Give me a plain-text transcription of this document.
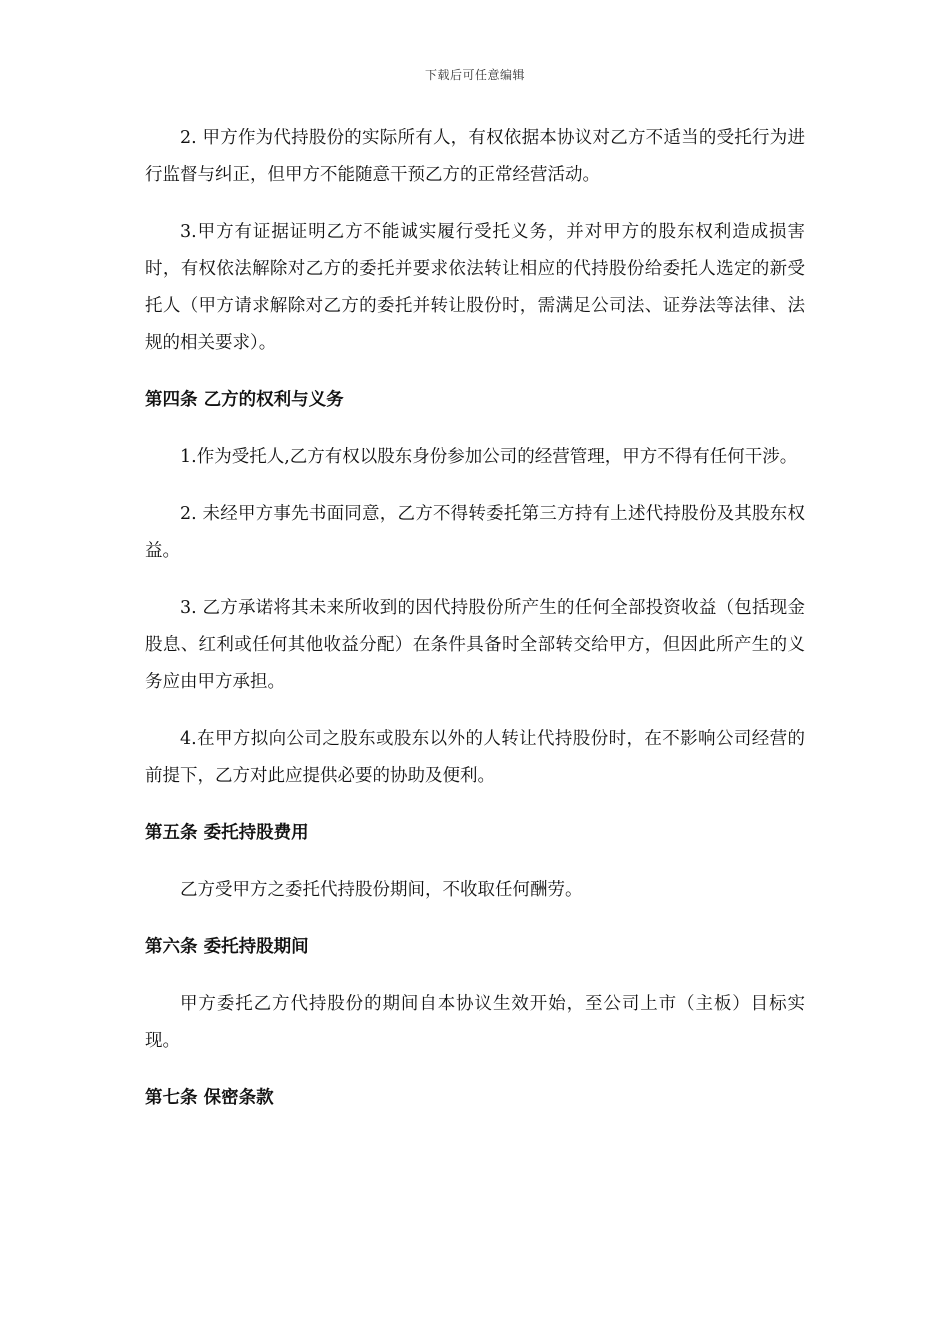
下载后可任意编辑

2. 甲方作为代持股份的实际所有人，有权依据本协议对乙方不适当的受托行为进行监督与纠正，但甲方不能随意干预乙方的正常经营活动。

3.甲方有证据证明乙方不能诚实履行受托义务，并对甲方的股东权利造成损害时，有权依法解除对乙方的委托并要求依法转让相应的代持股份给委托人选定的新受托人（甲方请求解除对乙方的委托并转让股份时，需满足公司法、证券法等法律、法规的相关要求）。

第四条 乙方的权利与义务

1.作为受托人,乙方有权以股东身份参加公司的经营管理，甲方不得有任何干涉。

2. 未经甲方事先书面同意，乙方不得转委托第三方持有上述代持股份及其股东权益。

3. 乙方承诺将其未来所收到的因代持股份所产生的任何全部投资收益（包括现金股息、红利或任何其他收益分配）在条件具备时全部转交给甲方，但因此所产生的义务应由甲方承担。

4.在甲方拟向公司之股东或股东以外的人转让代持股份时，在不影响公司经营的前提下，乙方对此应提供必要的协助及便利。

第五条 委托持股费用

乙方受甲方之委托代持股份期间，不收取任何酬劳。

第六条 委托持股期间

甲方委托乙方代持股份的期间自本协议生效开始，至公司上市（主板）目标实现。

第七条 保密条款
